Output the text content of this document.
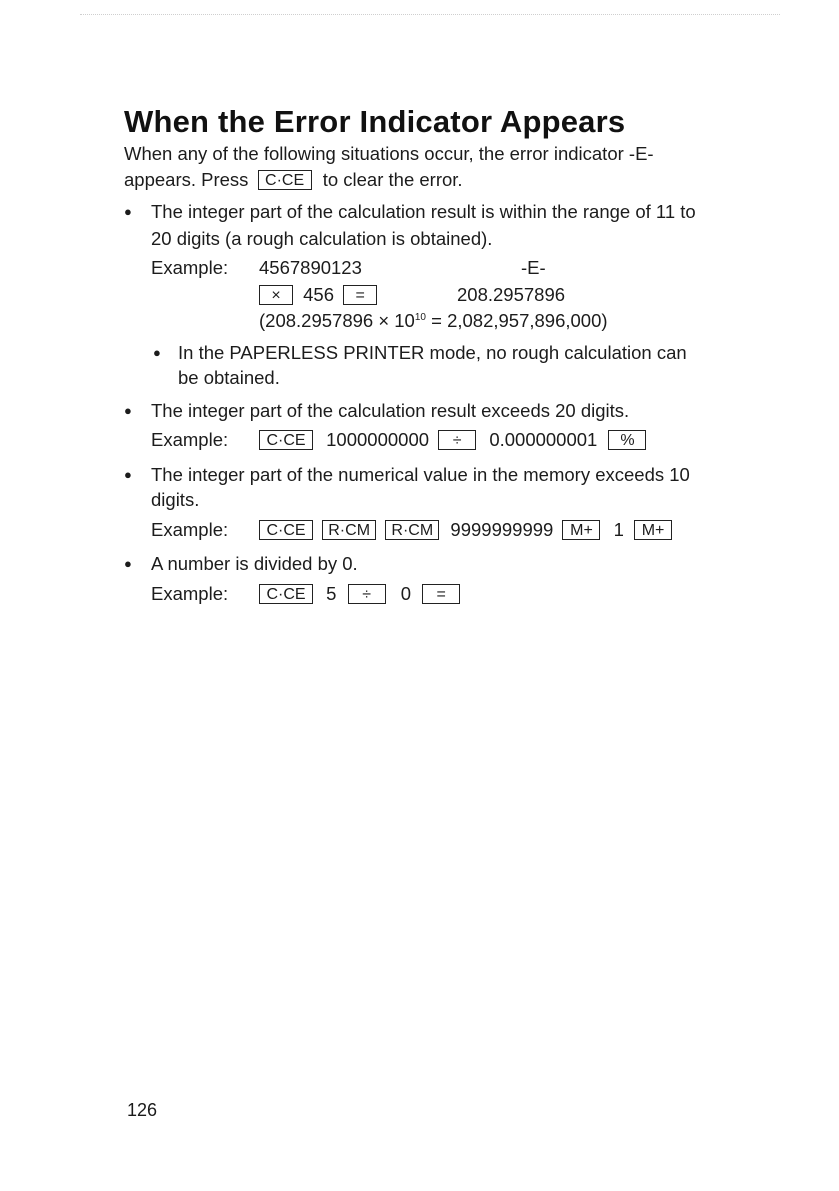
When the Error Indicator Appears
When any of the following situations occur, the error indicator -E-
appears. Press C·CE to clear the error.
● The integer part of the calculation result is within the range of 11 to
20 digits (a rough calculation is obtained).
Example: 4567890123	-E-
× 456 =	208.2957896
$(208.2957896 \times 10^{10} = 2,082,957,896,000)$
● In the PAPERLESS PRINTER mode, no rough calculation can
be obtained.
● The integer part of the calculation result exceeds 20 digits.
Example:	C·CE 1000000000 ÷ 0.000000001 %
● The integer part of the numerical value in the memory exceeds 10
digits.
Example:	C·CE R·CM R·CM 9999999999 M+ 1 M+
● A number is divided by 0.
Example:	C·CE 5 ÷ 0 =
126
